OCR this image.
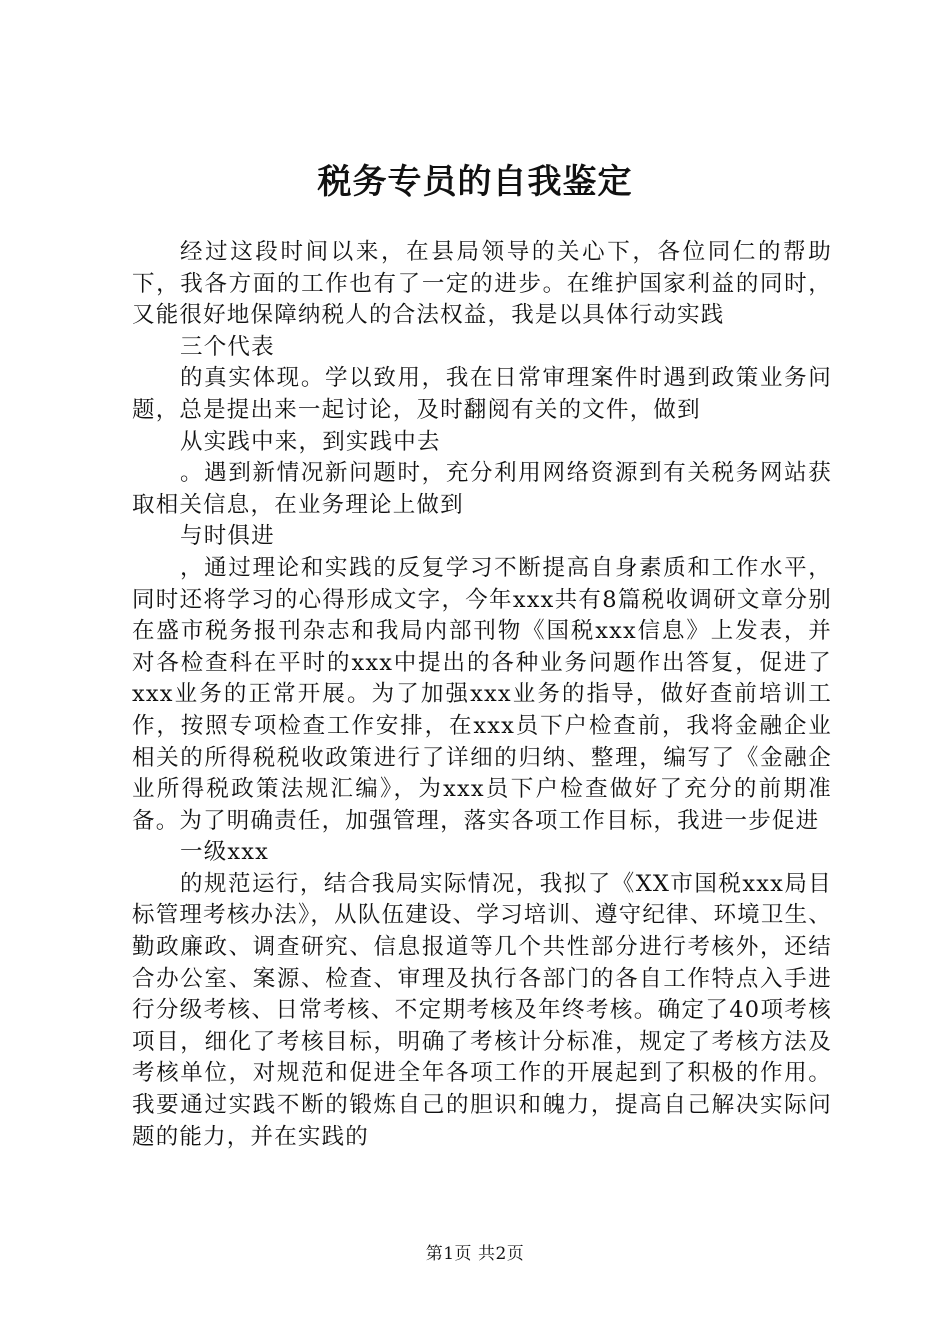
税务专员的自我鉴定

经过这段时间以来，在县局领导的关心下，各位同仁的帮助下，我各方面的工作也有了一定的进步。在维护国家利益的同时，又能很好地保障纳税人的合法权益，我是以具体行动实践

三个代表

的真实体现。学以致用，我在日常审理案件时遇到政策业务问题，总是提出来一起讨论，及时翻阅有关的文件，做到

从实践中来，到实践中去

。遇到新情况新问题时，充分利用网络资源到有关税务网站获取相关信息，在业务理论上做到

与时俱进

，通过理论和实践的反复学习不断提高自身素质和工作水平，同时还将学习的心得形成文字，今年xxx共有8篇税收调研文章分别在盛市税务报刊杂志和我局内部刊物《国税xxx信息》上发表，并对各检查科在平时的xxx中提出的各种业务问题作出答复，促进了xxx业务的正常开展。为了加强xxx业务的指导，做好查前培训工作，按照专项检查工作安排，在xxx员下户检查前，我将金融企业相关的所得税税收政策进行了详细的归纳、整理，编写了《金融企业所得税政策法规汇编》，为xxx员下户检查做好了充分的前期准备。为了明确责任，加强管理，落实各项工作目标，我进一步促进

一级xxx

的规范运行，结合我局实际情况，我拟了《XX市国税xxx局目标管理考核办法》，从队伍建设、学习培训、遵守纪律、环境卫生、勤政廉政、调查研究、信息报道等几个共性部分进行考核外，还结合办公室、案源、检查、审理及执行各部门的各自工作特点入手进行分级考核、日常考核、不定期考核及年终考核。确定了40项考核项目，细化了考核目标，明确了考核计分标准，规定了考核方法及考核单位，对规范和促进全年各项工作的开展起到了积极的作用。我要通过实践不断的锻炼自己的胆识和魄力，提高自己解决实际问题的能力，并在实践的

第1页 共2页
